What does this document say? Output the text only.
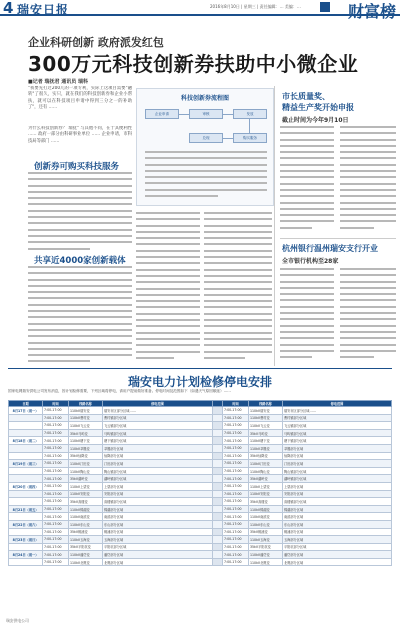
4 瑞安日报	2016年8月10日 | 星期三 | 责任编辑：… 美编：…	财富榜
企业科研创新 政府派发红包
300万元科技创新券扶助中小微企业
■记者 瑞抚君 通讯员 瑞科
"我要先打过200几的一项专利，实际上这项目需要"融转"了很久，实只，就在我们的科技创新券和企业小帮扶，就可以在科技项目申请中得到三分之一的补助了"，还有 ……
为什么科技创新券？ 瑞抚" 与其他不同，在于其便利性 …… 政府一部分由科研事业单位 …… 企业申请，市科技局等部门 ……
创新券可购买科技服务
共享近4000家创新载体
科技创新券流程图
企业申请	审核	发放
购买服务
兑现
市长质量奖、
精益生产奖开始申报
截止时间为今年9月10日
杭州银行温州瑞安支行开业
全市银行机构至28家
瑞安电力计划检修停电安排
国家电网瑞安供电公司发布消息，因计划检修需要，下列区域将停电，请用户提前做好准备。停电时间及范围如下（如遇天气原因顺延）……
日期	时间	线路名称	停电范围		时间	线路名称	停电范围
8月17日（周一）	7:00-17:00	110kV瑞安变	瑞安市区部分区域……		7:00-17:00	110kV瑞安变	瑞安市区部分区域……
	7:00-17:00	110kV曹村变	曹村镇部分区域		7:00-17:00	110kV曹村变	曹村镇部分区域
	7:00-17:00	110kV飞云变	飞云镇部分区域		7:00-17:00	110kV飞云变	飞云镇部分区域
	7:00-17:00	35kV马屿变	马屿镇部分区域		7:00-17:00	35kV马屿变	马屿镇部分区域
8月18日（周二）	7:00-17:00	110kV塘下变	塘下镇部分区域		7:00-17:00	110kV塘下变	塘下镇部分区域
	7:00-17:00	110kV莘塍变	莘塍部分区域		7:00-17:00	110kV莘塍变	莘塍部分区域
	7:00-17:00	35kV仙降变	仙降部分区域		7:00-17:00	35kV仙降变	仙降部分区域
8月19日（周三）	7:00-17:00	110kV汀田变	汀田部分区域		7:00-17:00	110kV汀田变	汀田部分区域
	7:00-17:00	110kV陶山变	陶山镇部分区域		7:00-17:00	110kV陶山变	陶山镇部分区域
	7:00-17:00	35kV湖岭变	湖岭镇部分区域		7:00-17:00	35kV湖岭变	湖岭镇部分区域
8月20日（周四）	7:00-17:00	110kV上望变	上望部分区域		7:00-17:00	110kV上望变	上望部分区域
	7:00-17:00	110kV安阳变	安阳部分区域		7:00-17:00	110kV安阳变	安阳部分区域
	7:00-17:00	35kV高楼变	高楼镇部分区域		7:00-17:00	35kV高楼变	高楼镇部分区域
8月21日（周五）	7:00-17:00	110kV锦湖变	锦湖部分区域		7:00-17:00	110kV锦湖变	锦湖部分区域
	7:00-17:00	110kV南滨变	南滨部分区域		7:00-17:00	110kV南滨变	南滨部分区域
8月22日（周六）	7:00-17:00	110kV东山变	东山部分区域		7:00-17:00	110kV东山变	东山部分区域
	7:00-17:00	35kV桐浦变	桐浦部分区域		7:00-17:00	35kV桐浦变	桐浦部分区域
8月23日（周日）	7:00-17:00	110kV玉海变	玉海部分区域		7:00-17:00	110kV玉海变	玉海部分区域
	7:00-17:00	35kV平阳坑变	平阳坑部分区域		7:00-17:00	35kV平阳坑变	平阳坑部分区域
8月24日（周一）	7:00-17:00	110kV潘岱变	潘岱部分区域		7:00-17:00	110kV潘岱变	潘岱部分区域
	7:00-17:00	110kV北麂变	北麂部分区域		7:00-17:00	110kV北麂变	北麂部分区域
瑞安供电公司
